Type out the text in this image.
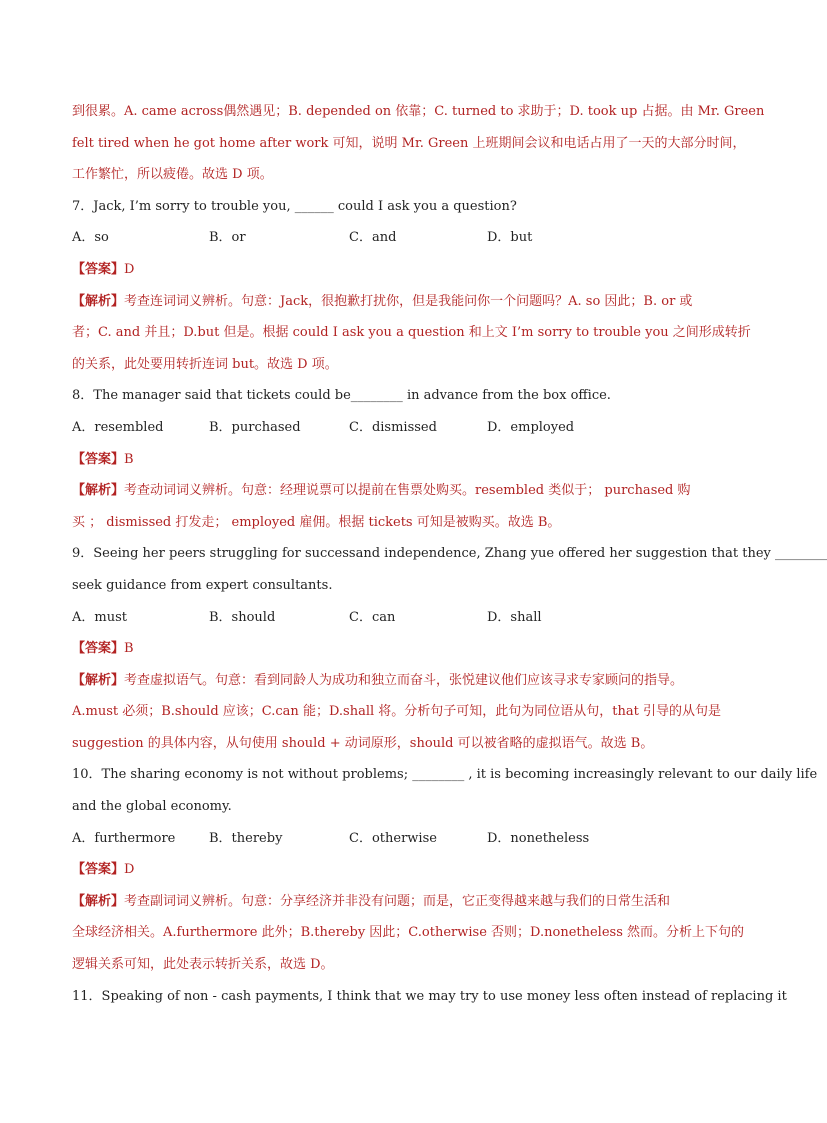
到很累。A. came across偶然遇见；B. depended on 依靠；C. turned to 求助于；D. took up 占据。由 Mr. Green
felt tired when he got home after work 可知，说明 Mr. Green 上班期间会议和电话占用了一天的大部分时间，
工作繁忙，所以疲倦。故选 D 项。
7．Jack, I’m sorry to trouble you, ______ could I ask you a question?
A．so	B．or	C．and	D．but
【答案】D
【解析】考查连词词义辨析。句意：Jack，很抱歉打扰你，但是我能问你一个问题吗？A. so 因此；B. or 或
者；C. and 并且；D.but 但是。根据 could I ask you a question 和上文 I’m sorry to trouble you 之间形成转折
的关系，此处要用转折连词 but。故选 D 项。
8．The manager said that tickets could be________ in advance from the box office.
A．resembled	B．purchased	C．dismissed	D．employed
【答案】B
【解析】考查动词词义辨析。句意：经理说票可以提前在售票处购买。resembled 类似于； purchased 购
买 ； dismissed 打发走； employed 雇佣。根据 tickets 可知是被购买。故选 B。
9．Seeing her peers struggling for successand independence, Zhang yue offered her suggestion that they ________
seek guidance from expert consultants.
A．must	B．should	C．can	D．shall
【答案】B
【解析】考查虚拟语气。句意：看到同龄人为成功和独立而奋斗，张悦建议他们应该寻求专家顾问的指导。
A.must 必须；B.should 应该；C.can 能；D.shall 将。分析句子可知，此句为同位语从句，that 引导的从句是
suggestion 的具体内容，从句使用 should + 动词原形，should 可以被省略的虚拟语气。故选 B。
10．The sharing economy is not without problems; ________ , it is becoming increasingly relevant to our daily life
and the global economy.
A．furthermore	B．thereby	C．otherwise	D．nonetheless
【答案】D
【解析】考查副词词义辨析。句意：分享经济并非没有问题；而是，它正变得越来越与我们的日常生活和
全球经济相关。A.furthermore 此外；B.thereby 因此；C.otherwise 否则；D.nonetheless 然而。分析上下句的
逻辑关系可知，此处表示转折关系，故选 D。
11．Speaking of non - cash payments, I think that we may try to use money less often instead of replacing it
